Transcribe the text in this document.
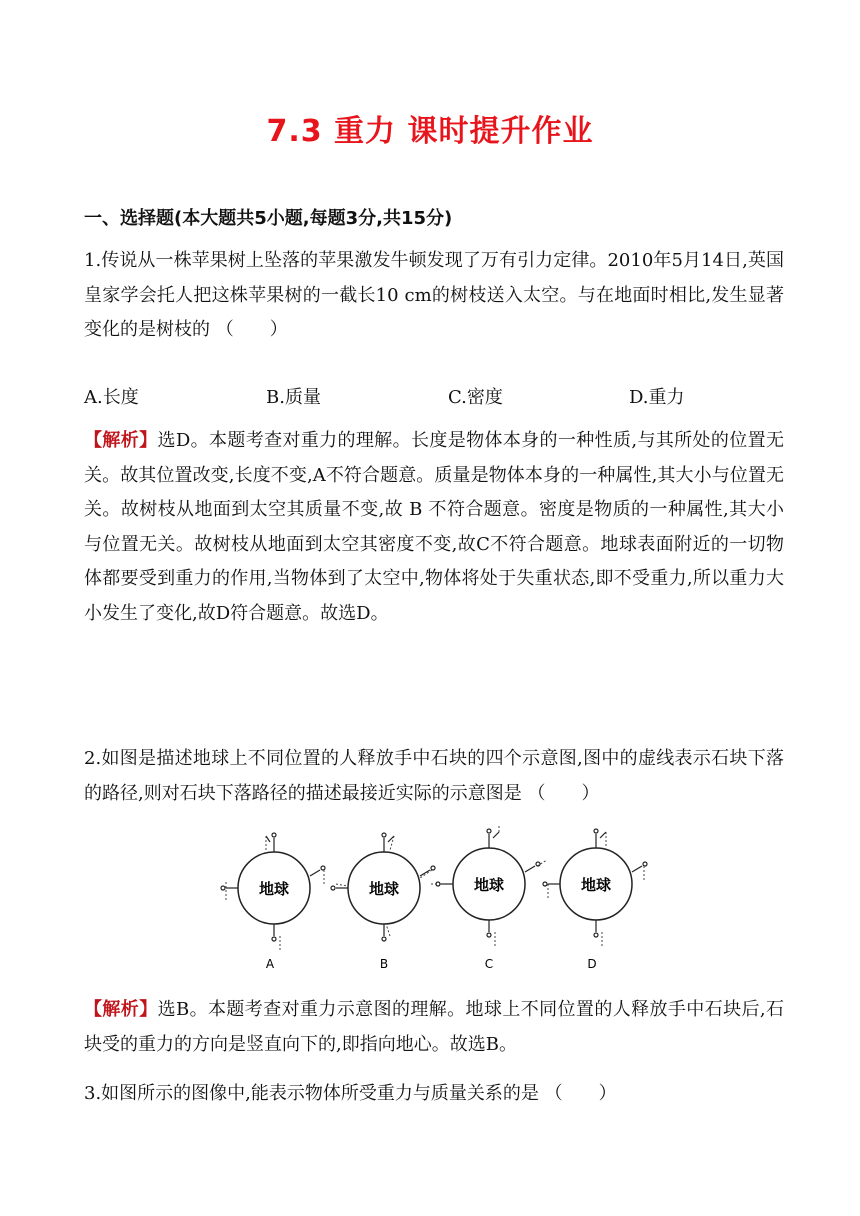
7.3 重力 课时提升作业
一、选择题(本大题共5小题,每题3分,共15分)
1.传说从一株苹果树上坠落的苹果激发牛顿发现了万有引力定律。2010年5月14日,英国皇家学会托人把这株苹果树的一截长10 cm的树枝送入太空。与在地面时相比,发生显著变化的是树枝的 （　　）
A.长度	B.质量	C.密度	D.重力
【解析】选D。本题考查对重力的理解。长度是物体本身的一种性质,与其所处的位置无关。故其位置改变,长度不变,A不符合题意。质量是物体本身的一种属性,其大小与位置无关。故树枝从地面到太空其质量不变,故 B 不符合题意。密度是物质的一种属性,其大小与位置无关。故树枝从地面到太空其密度不变,故C不符合题意。地球表面附近的一切物体都要受到重力的作用,当物体到了太空中,物体将处于失重状态,即不受重力,所以重力大小发生了变化,故D符合题意。故选D。
2.如图是描述地球上不同位置的人释放手中石块的四个示意图,图中的虚线表示石块下落的路径,则对石块下落路径的描述最接近实际的示意图是 （　　）
地球
A
地球
B
地球
C
地球
D
【解析】选B。本题考查对重力示意图的理解。地球上不同位置的人释放手中石块后,石块受的重力的方向是竖直向下的,即指向地心。故选B。
3.如图所示的图像中,能表示物体所受重力与质量关系的是 （　　）
